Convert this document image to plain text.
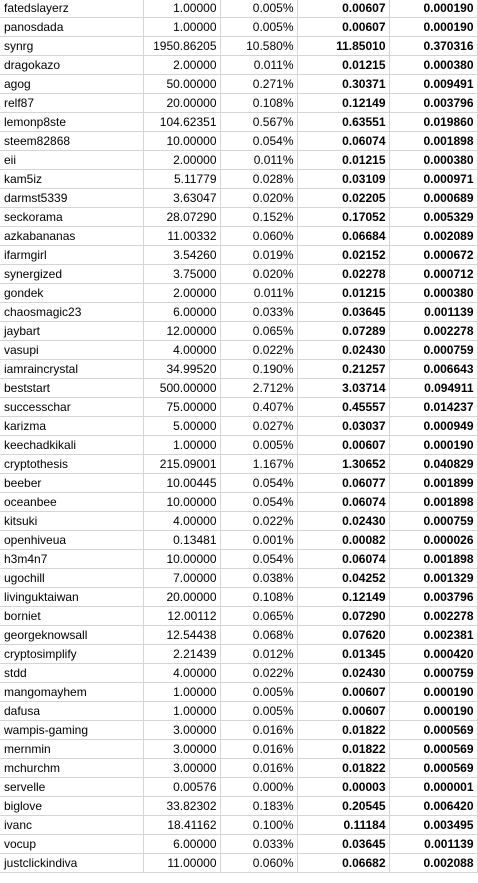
fatedslayerz	1.00000	0.005%	0.00607	0.000190
panosdada	1.00000	0.005%	0.00607	0.000190
synrg	1950.86205	10.580%	11.85010	0.370316
dragokazo	2.00000	0.011%	0.01215	0.000380
agog	50.00000	0.271%	0.30371	0.009491
relf87	20.00000	0.108%	0.12149	0.003796
lemonp8ste	104.62351	0.567%	0.63551	0.019860
steem82868	10.00000	0.054%	0.06074	0.001898
eii	2.00000	0.011%	0.01215	0.000380
kam5iz	5.11779	0.028%	0.03109	0.000971
darmst5339	3.63047	0.020%	0.02205	0.000689
seckorama	28.07290	0.152%	0.17052	0.005329
azkabananas	11.00332	0.060%	0.06684	0.002089
ifarmgirl	3.54260	0.019%	0.02152	0.000672
synergized	3.75000	0.020%	0.02278	0.000712
gondek	2.00000	0.011%	0.01215	0.000380
chaosmagic23	6.00000	0.033%	0.03645	0.001139
jaybart	12.00000	0.065%	0.07289	0.002278
vasupi	4.00000	0.022%	0.02430	0.000759
iamraincrystal	34.99520	0.190%	0.21257	0.006643
beststart	500.00000	2.712%	3.03714	0.094911
successchar	75.00000	0.407%	0.45557	0.014237
karizma	5.00000	0.027%	0.03037	0.000949
keechadkikali	1.00000	0.005%	0.00607	0.000190
cryptothesis	215.09001	1.167%	1.30652	0.040829
beeber	10.00445	0.054%	0.06077	0.001899
oceanbee	10.00000	0.054%	0.06074	0.001898
kitsuki	4.00000	0.022%	0.02430	0.000759
openhiveua	0.13481	0.001%	0.00082	0.000026
h3m4n7	10.00000	0.054%	0.06074	0.001898
ugochill	7.00000	0.038%	0.04252	0.001329
livinguktaiwan	20.00000	0.108%	0.12149	0.003796
borniet	12.00112	0.065%	0.07290	0.002278
georgeknowsall	12.54438	0.068%	0.07620	0.002381
cryptosimplify	2.21439	0.012%	0.01345	0.000420
stdd	4.00000	0.022%	0.02430	0.000759
mangomayhem	1.00000	0.005%	0.00607	0.000190
dafusa	1.00000	0.005%	0.00607	0.000190
wampis-gaming	3.00000	0.016%	0.01822	0.000569
mernmin	3.00000	0.016%	0.01822	0.000569
mchurchm	3.00000	0.016%	0.01822	0.000569
servelle	0.00576	0.000%	0.00003	0.000001
biglove	33.82302	0.183%	0.20545	0.006420
ivanc	18.41162	0.100%	0.11184	0.003495
vocup	6.00000	0.033%	0.03645	0.001139
justclickindiva	11.00000	0.060%	0.06682	0.002088
